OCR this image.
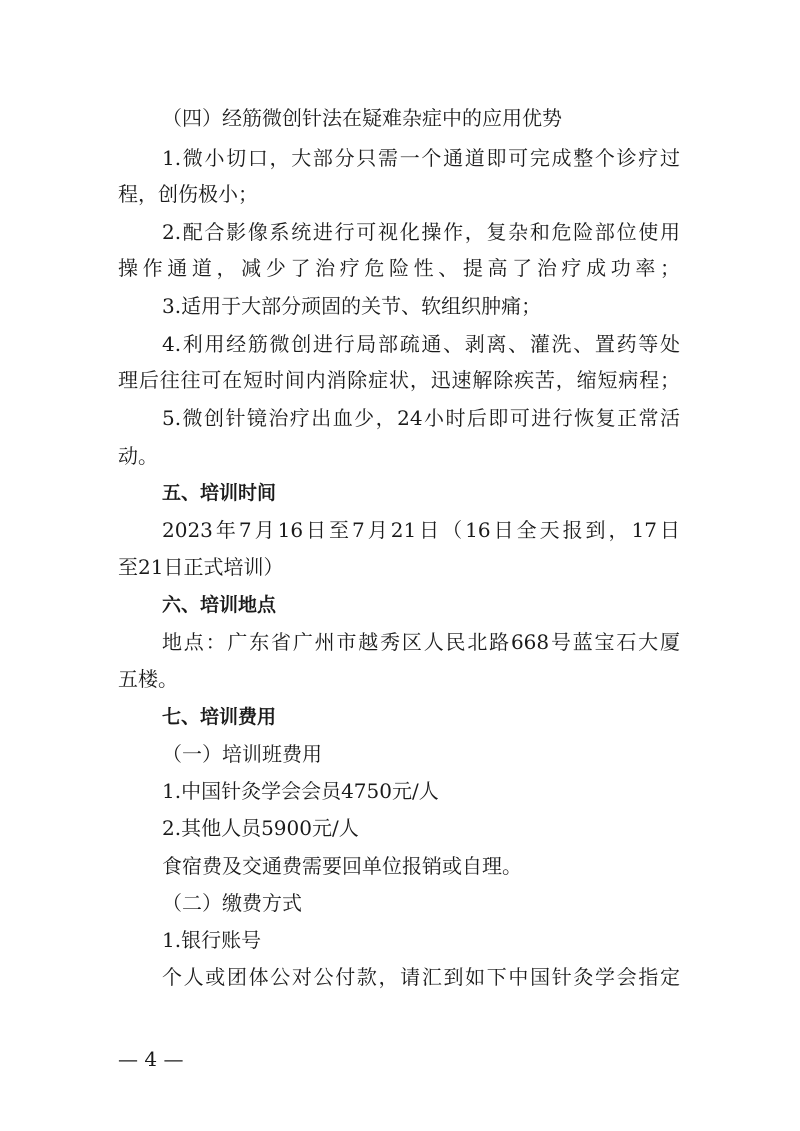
（四）经筋微创针法在疑难杂症中的应用优势
1.微小切口，大部分只需一个通道即可完成整个诊疗过
程，创伤极小；
2.配合影像系统进行可视化操作，复杂和危险部位使用
操作通道，减少了治疗危险性、提高了治疗成功率；
3.适用于大部分顽固的关节、软组织肿痛；
4.利用经筋微创进行局部疏通、剥离、灌洗、置药等处
理后往往可在短时间内消除症状，迅速解除疾苦，缩短病程；
5.微创针镜治疗出血少，24小时后即可进行恢复正常活
动。
五、培训时间
2023年7月16日至7月21日（16日全天报到，17日
至21日正式培训）
六、培训地点
地点：广东省广州市越秀区人民北路668号蓝宝石大厦
五楼。
七、培训费用
（一）培训班费用
1.中国针灸学会会员4750元/人
2.其他人员5900元/人
食宿费及交通费需要回单位报销或自理。
（二）缴费方式
1.银行账号
个人或团体公对公付款，请汇到如下中国针灸学会指定
— 4 —
